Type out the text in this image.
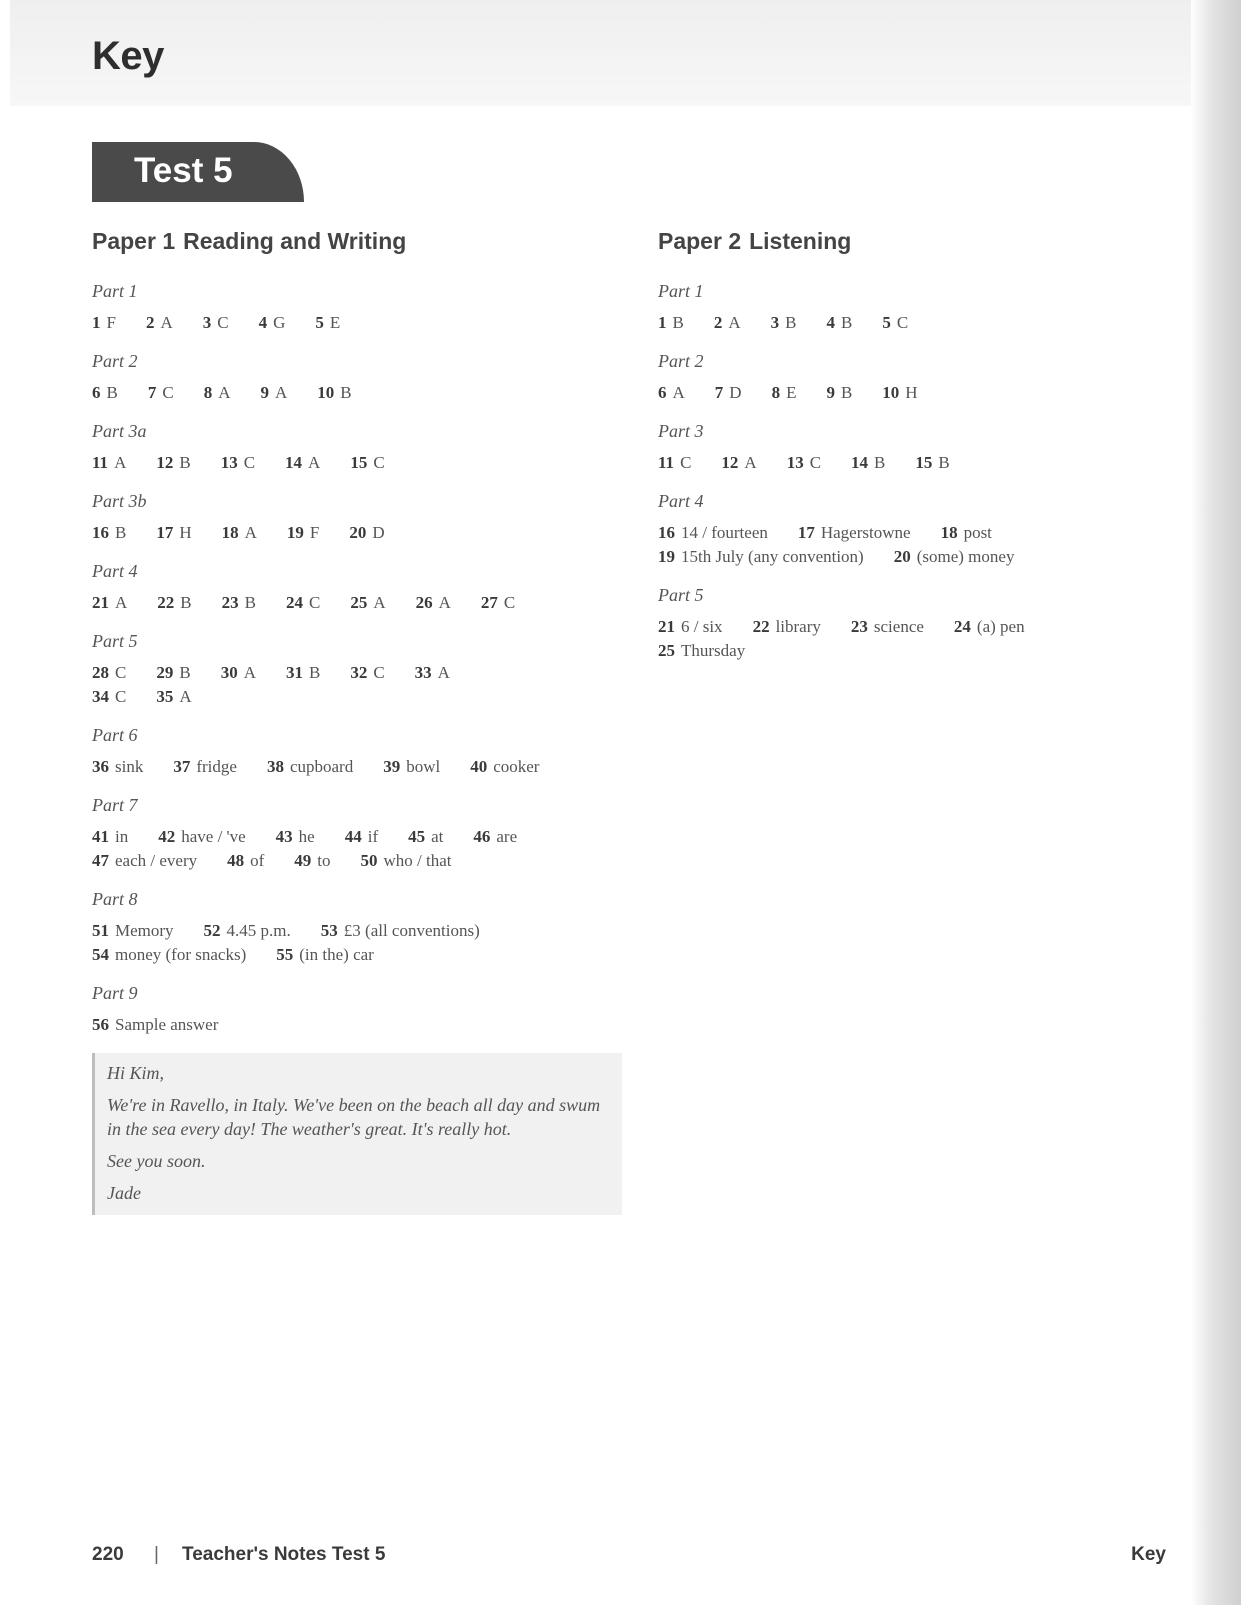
Key
Test 5
Paper 1 Reading and Writing
Part 1
1 F 2 A 3 C 4 G 5 E
Part 2
6 B 7 C 8 A 9 A 10 B
Part 3a
11 A 12 B 13 C 14 A 15 C
Part 3b
16 B 17 H 18 A 19 F 20 D
Part 4
21 A 22 B 23 B 24 C 25 A 26 A 27 C
Part 5
28 C 29 B 30 A 31 B 32 C 33 A
34 C 35 A
Part 6
36 sink 37 fridge 38 cupboard 39 bowl 40 cooker
Part 7
41 in 42 have / 've 43 he 44 if 45 at 46 are
47 each / every 48 of 49 to 50 who / that
Part 8
51 Memory 52 4.45 p.m. 53 £3 (all conventions)
54 money (for snacks) 55 (in the) car
Part 9
56 Sample answer

Hi Kim,

We're in Ravello, in Italy. We've been on the beach all day and swum in the sea every day! The weather's great. It's really hot.

See you soon.

Jade

Paper 2 Listening
Part 1
1 B 2 A 3 B 4 B 5 C
Part 2
6 A 7 D 8 E 9 B 10 H
Part 3
11 C 12 A 13 C 14 B 15 B
Part 4
16 14 / fourteen 17 Hagerstowne 18 post
19 15th July (any convention) 20 (some) money
Part 5
21 6 / six 22 library 23 science 24 (a) pen
25 Thursday
220 | Teacher's Notes Test 5	Key
